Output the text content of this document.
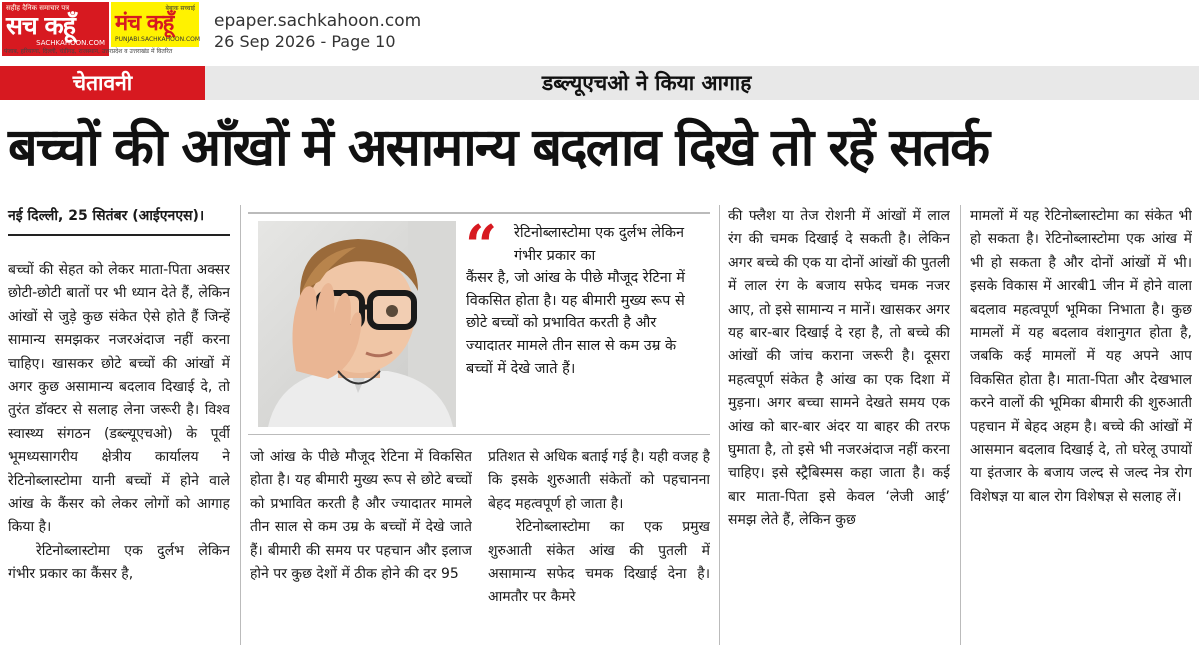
सहीह दैनिक समाचार पत्र
सच कहूँ
SACHKAHOON.COM
बेबाक सच्चाई
मंच कहूँ
PUNJABI.SACHKAHOON.COM
पंजाब, हरियाणा, दिल्ली, चंडीगढ़, राजस्थान, उत्तरप्रदेश व उत्तराखंड में वितरित
epaper.sachkahoon.com
26 Sep 2026 - Page 10
चेतावनी	डब्ल्यूएचओ ने किया आगाह
बच्चों की आँखों में असामान्य बदलाव दिखे तो रहें सतर्क
नई दिल्ली, 25 सितंबर (आईएनएस)।

बच्चों की सेहत को लेकर माता-पिता अक्सर छोटी-छोटी बातों पर भी ध्यान देते हैं, लेकिन आंखों से जुड़े कुछ संकेत ऐसे होते हैं जिन्हें सामान्य समझकर नजरअंदाज नहीं करना चाहिए। खासकर छोटे बच्चों की आंखों में अगर कुछ असामान्य बदलाव दिखाई दे, तो तुरंत डॉक्टर से सलाह लेना जरूरी है। विश्व स्वास्थ्य संगठन (डब्ल्यूएचओ) के पूर्वी भूमध्यसागरीय क्षेत्रीय कार्यालय ने रेटिनोब्लास्टोमा यानी बच्चों में होने वाले आंख के कैंसर को लेकर लोगों को आगाह किया है।

रेटिनोब्लास्टोमा एक दुर्लभ लेकिन गंभीर प्रकार का कैंसर है,

“	रेटिनोब्लास्टोमा एक दुर्लभ लेकिन गंभीर प्रकार का
कैंसर है, जो आंख के पीछे मौजूद रेटिना में विकसित होता है। यह बीमारी मुख्य रूप से छोटे बच्चों को प्रभावित करती है और ज्यादातर मामले तीन साल से कम उम्र के बच्चों में देखे जाते हैं।

जो आंख के पीछे मौजूद रेटिना में विकसित होता है। यह बीमारी मुख्य रूप से छोटे बच्चों को प्रभावित करती है और ज्यादातर मामले तीन साल से कम उम्र के बच्चों में देखे जाते हैं। बीमारी की समय पर पहचान और इलाज होने पर कुछ देशों में ठीक होने की दर 95

प्रतिशत से अधिक बताई गई है। यही वजह है कि इसके शुरुआती संकेतों को पहचानना बेहद महत्वपूर्ण हो जाता है।

रेटिनोब्लास्टोमा का एक प्रमुख शुरुआती संकेत आंख की पुतली में असामान्य सफेद चमक दिखाई देना है। आमतौर पर कैमरे

की फ्लैश या तेज रोशनी में आंखों में लाल रंग की चमक दिखाई दे सकती है। लेकिन अगर बच्चे की एक या दोनों आंखों की पुतली में लाल रंग के बजाय सफेद चमक नजर आए, तो इसे सामान्य न मानें। खासकर अगर यह बार-बार दिखाई दे रहा है, तो बच्चे की आंखों की जांच कराना जरूरी है। दूसरा महत्वपूर्ण संकेत है आंख का एक दिशा में मुड़ना। अगर बच्चा सामने देखते समय एक आंख को बार-बार अंदर या बाहर की तरफ घुमाता है, तो इसे भी नजरअंदाज नहीं करना चाहिए। इसे स्ट्रैबिस्मस कहा जाता है। कई बार माता-पिता इसे केवल ‘लेजी आई’ समझ लेते हैं, लेकिन कुछ

मामलों में यह रेटिनोब्लास्टोमा का संकेत भी हो सकता है। रेटिनोब्लास्टोमा एक आंख में भी हो सकता है और दोनों आंखों में भी। इसके विकास में आरबी1 जीन में होने वाला बदलाव महत्वपूर्ण भूमिका निभाता है। कुछ मामलों में यह बदलाव वंशानुगत होता है, जबकि कई मामलों में यह अपने आप विकसित होता है। माता-पिता और देखभाल करने वालों की भूमिका बीमारी की शुरुआती पहचान में बेहद अहम है। बच्चे की आंखों में आसमान बदलाव दिखाई दे, तो घरेलू उपायों या इंतजार के बजाय जल्द से जल्द नेत्र रोग विशेषज्ञ या बाल रोग विशेषज्ञ से सलाह लें।
